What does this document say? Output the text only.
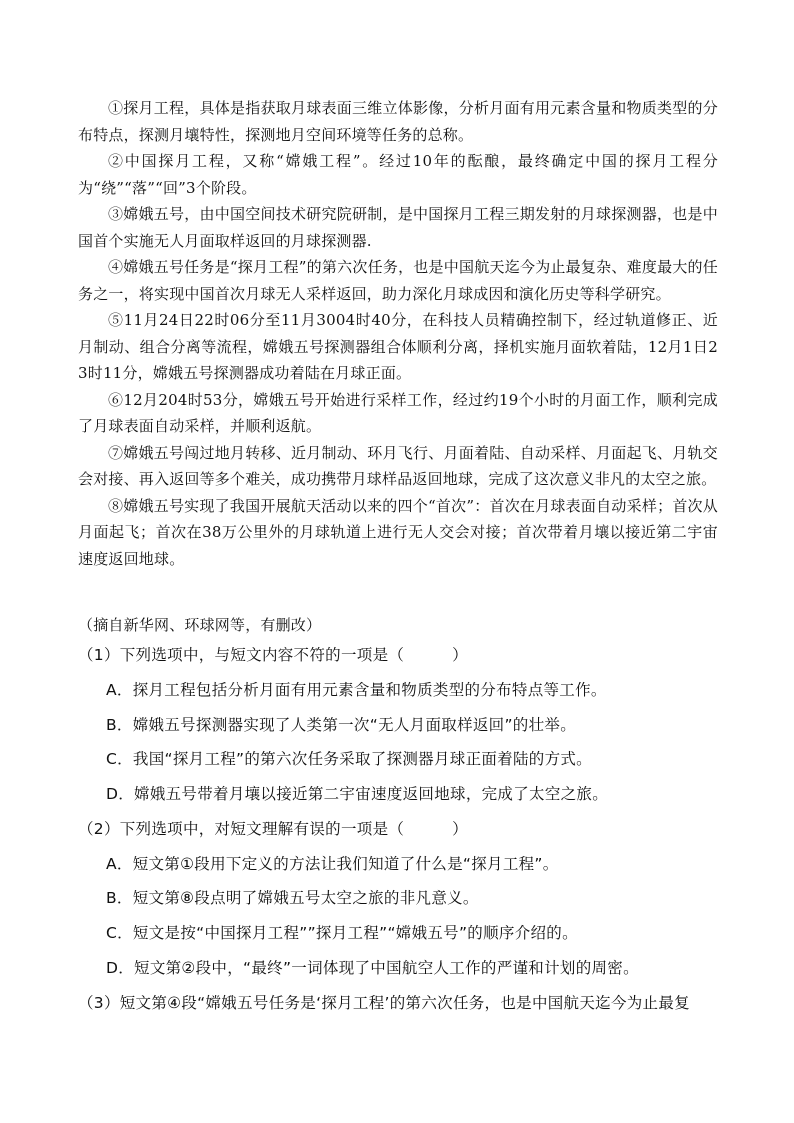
①探月工程，具体是指获取月球表面三维立体影像，分析月面有用元素含量和物质类型的分布特点，探测月壤特性，探测地月空间环境等任务的总称。

②中国探月工程，又称“嫦娥工程”。经过10年的酝酿，最终确定中国的探月工程分为“绕”“落”“回”3个阶段。

③嫦娥五号，由中国空间技术研究院研制，是中国探月工程三期发射的月球探测器，也是中国首个实施无人月面取样返回的月球探测器.

④嫦娥五号任务是“探月工程”的第六次任务，也是中国航天迄今为止最复杂、难度最大的任务之一，将实现中国首次月球无人采样返回，助力深化月球成因和演化历史等科学研究。

⑤11月24日22时06分至11月3004时40分，在科技人员精确控制下，经过轨道修正、近月制动、组合分离等流程，嫦娥五号探测器组合体顺利分离，择机实施月面软着陆，12月1日23时11分，嫦娥五号探测器成功着陆在月球正面。

⑥12月204时53分，嫦娥五号开始进行采样工作，经过约19个小时的月面工作，顺利完成了月球表面自动采样，并顺利返航。

⑦嫦娥五号闯过地月转移、近月制动、环月飞行、月面着陆、自动采样、月面起飞、月轨交会对接、再入返回等多个难关，成功携带月球样品返回地球，完成了这次意义非凡的太空之旅。

⑧嫦娥五号实现了我国开展航天活动以来的四个“首次”：首次在月球表面自动采样；首次从月面起飞；首次在38万公里外的月球轨道上进行无人交会对接；首次带着月壤以接近第二宇宙速度返回地球。

（摘自新华网、环球网等，有删改）

（1）下列选项中，与短文内容不符的一项是（	）

A．探月工程包括分析月面有用元素含量和物质类型的分布特点等工作。

B．嫦娥五号探测器实现了人类第一次“无人月面取样返回”的壮举。

C．我国“探月工程”的第六次任务采取了探测器月球正面着陆的方式。

D．嫦娥五号带着月壤以接近第二宇宙速度返回地球，完成了太空之旅。

（2）下列选项中，对短文理解有误的一项是（	）

A．短文第①段用下定义的方法让我们知道了什么是“探月工程”。

B．短文第⑧段点明了嫦娥五号太空之旅的非凡意义。

C．短文是按“中国探月工程””探月工程”“嫦娥五号”的顺序介绍的。

D．短文第②段中，“最终”一词体现了中国航空人工作的严谨和计划的周密。

（3）短文第④段“嫦娥五号任务是‘探月工程’的第六次任务，也是中国航天迄今为止最复
